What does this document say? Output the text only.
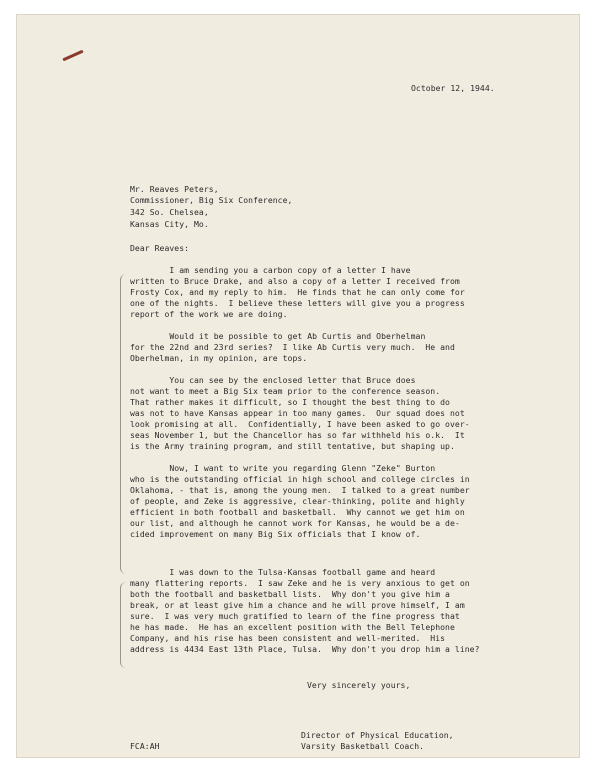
October 12, 1944.
Mr. Reaves Peters,
Commissioner, Big Six Conference,
342 So. Chelsea,
Kansas City, Mo.
Dear Reaves:
I am sending you a carbon copy of a letter I have
written to Bruce Drake, and also a copy of a letter I received from
Frosty Cox, and my reply to him.  He finds that he can only come for
one of the nights.  I believe these letters will give you a progress
report of the work we are doing.
Would it be possible to get Ab Curtis and Oberhelman
for the 22nd and 23rd series?  I like Ab Curtis very much.  He and
Oberhelman, in my opinion, are tops.
You can see by the enclosed letter that Bruce does
not want to meet a Big Six team prior to the conference season.
That rather makes it difficult, so I thought the best thing to do
was not to have Kansas appear in too many games.  Our squad does not
look promising at all.  Confidentially, I have been asked to go over-
seas November 1, but the Chancellor has so far withheld his o.k.  It
is the Army training program, and still tentative, but shaping up.
Now, I want to write you regarding Glenn "Zeke" Burton
who is the outstanding official in high school and college circles in
Oklahoma, - that is, among the young men.  I talked to a great number
of people, and Zeke is aggressive, clear-thinking, polite and highly
efficient in both football and basketball.  Why cannot we get him on
our list, and although he cannot work for Kansas, he would be a de-
cided improvement on many Big Six officials that I know of.
I was down to the Tulsa-Kansas football game and heard
many flattering reports.  I saw Zeke and he is very anxious to get on
both the football and basketball lists.  Why don't you give him a
break, or at least give him a chance and he will prove himself, I am
sure.  I was very much gratified to learn of the fine progress that
he has made.  He has an excellent position with the Bell Telephone
Company, and his rise has been consistent and well-merited.  His
address is 4434 East 13th Place, Tulsa.  Why don't you drop him a line?
Very sincerely yours,
Director of Physical Education,
Varsity Basketball Coach.
FCA:AH
